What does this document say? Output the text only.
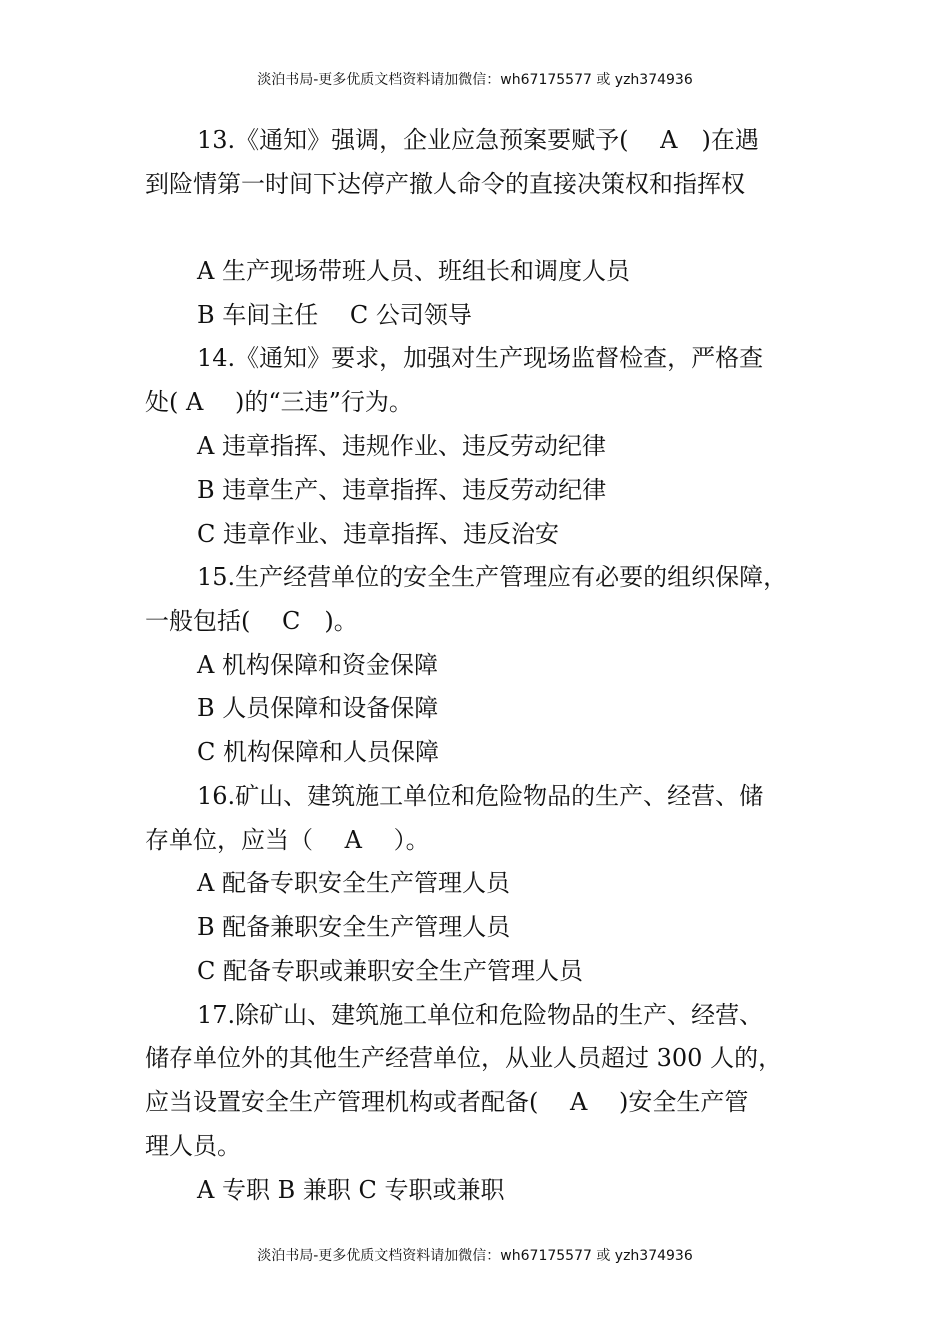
淡泊书局-更多优质文档资料请加微信：wh67175577 或 yzh374936
13.《通知》强调，企业应急预案要赋予(　 A　)在遇
到险情第一时间下达停产撤人命令的直接决策权和指挥权
A 生产现场带班人员、班组长和调度人员
B 车间主任　 C 公司领导
14.《通知》要求，加强对生产现场监督检查，严格查
处( A　 )的“三违”行为。
A 违章指挥、违规作业、违反劳动纪律
B 违章生产、违章指挥、违反劳动纪律
C 违章作业、违章指挥、违反治安
15.生产经营单位的安全生产管理应有必要的组织保障，
一般包括(　 C　)。
A 机构保障和资金保障
B 人员保障和设备保障
C 机构保障和人员保障
16.矿山、建筑施工单位和危险物品的生产、经营、储
存单位，应当（　 A　 ）。
A 配备专职安全生产管理人员
B 配备兼职安全生产管理人员
C 配备专职或兼职安全生产管理人员
17.除矿山、建筑施工单位和危险物品的生产、经营、
储存单位外的其他生产经营单位，从业人员超过 300 人的，
应当设置安全生产管理机构或者配备(　 A　 )安全生产管
理人员。
A 专职 B 兼职 C 专职或兼职
淡泊书局-更多优质文档资料请加微信：wh67175577 或 yzh374936
